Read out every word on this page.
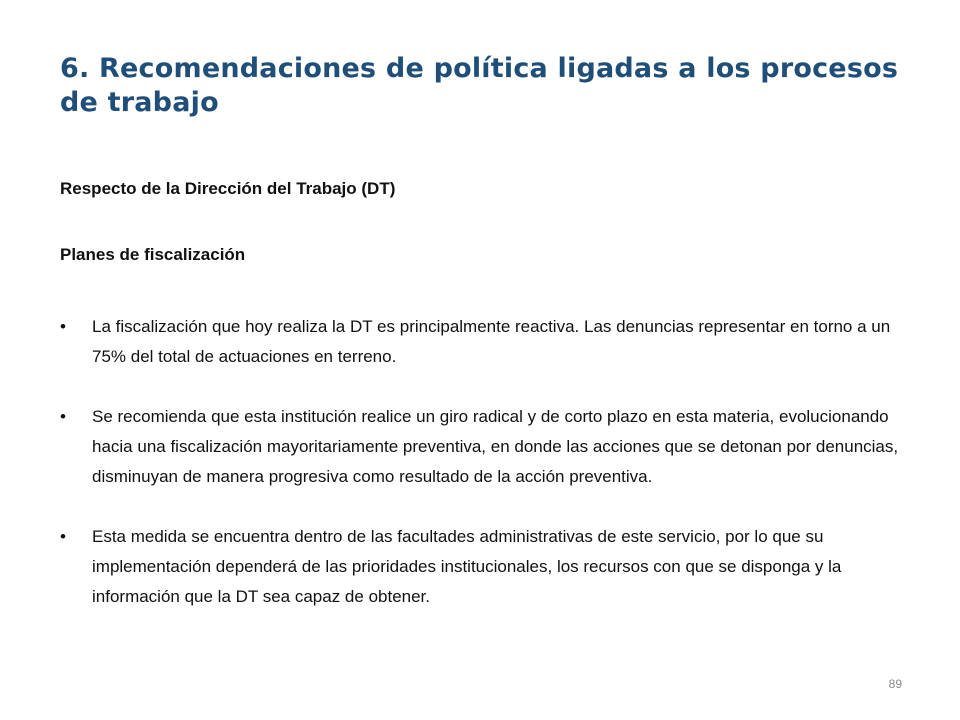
6. Recomendaciones de política ligadas a los procesos de trabajo

Respecto de la Dirección del Trabajo (DT)

Planes de fiscalización

•	La fiscalización que hoy realiza la DT es principalmente reactiva. Las denuncias representar en torno a un 75% del total de actuaciones en terreno.
•	Se recomienda que esta institución realice un giro radical y de corto plazo en esta materia, evolucionando hacia una fiscalización mayoritariamente preventiva, en donde las acciones que se detonan por denuncias, disminuyan de manera progresiva como resultado de la acción preventiva.
•	Esta medida se encuentra dentro de las facultades administrativas de este servicio, por lo que su implementación dependerá de las prioridades institucionales, los recursos con que se disponga y la información que la DT sea capaz de obtener.
89
